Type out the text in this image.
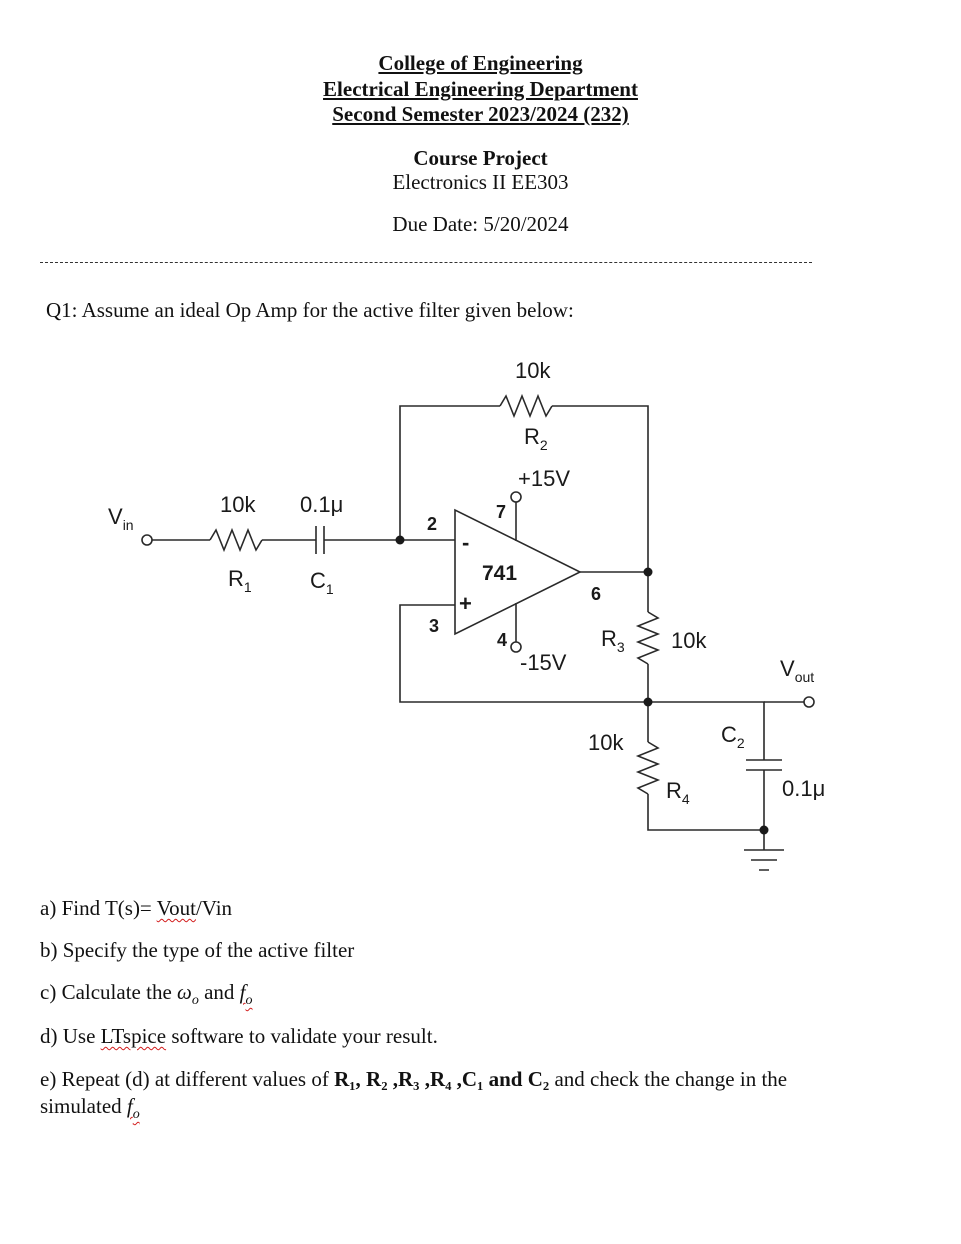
College of Engineering
Electrical Engineering Department
Second Semester 2023/2024 (232)
Course Project
Electronics II EE303
Due Date: 5/20/2024
Q1: Assume an ideal Op Amp for the active filter given below:
$V_{in}$
10k 0.1μ
$R_1$	$C_1$
10k
$R_2$
+15V
2
7
-
741
+	6
3
4
-15V
$R_3$ 10k
$V_{out}$
$C_2$
10k
$R_4$	0.1μ
a) Find T(s)= Vout/Vin
b) Specify the type of the active filter
c) Calculate the $\omega_o$ and $f_o$
d) Use LTspice software to validate your result.
e) Repeat (d) at different values of R₁, R₂ ,R₃ ,R₄ ,C₁ and C₂ and check the change in the
simulated $f_o$
